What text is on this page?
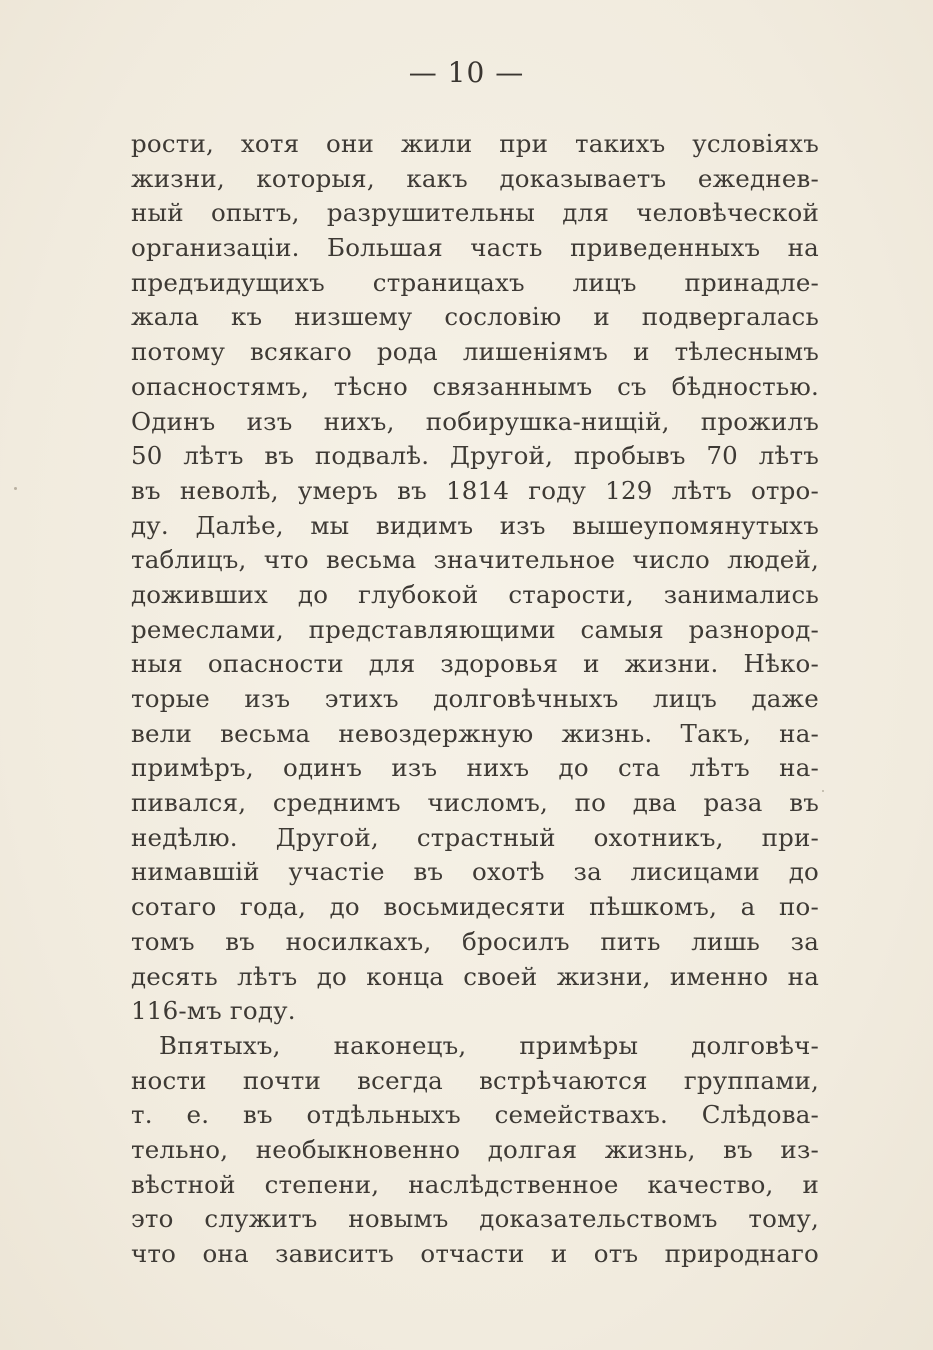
— 10 —
рости, хотя они жили при такихъ условіяхъ
жизни, которыя, какъ доказываетъ ежеднев-
ный опытъ, разрушительны для человѣческой
организаціи. Большая часть приведенныхъ на
предъидущихъ страницахъ лицъ принадле-
жала къ низшему сословію и подвергалась
потому всякаго рода лишеніямъ и тѣлеснымъ
опасностямъ, тѣсно связаннымъ съ бѣдностью.
Одинъ изъ нихъ, побирушка-нищій, прожилъ
50 лѣтъ въ подвалѣ. Другой, пробывъ 70 лѣтъ
въ неволѣ, умеръ въ 1814 году 129 лѣтъ отро-
ду. Далѣе, мы видимъ изъ вышеупомянутыхъ
таблицъ, что весьма значительное число людей,
доживших до глубокой старости, занимались
ремеслами, представляющими самыя разнород-
ныя опасности для здоровья и жизни. Нѣко-
торые изъ этихъ долговѣчныхъ лицъ даже
вели весьма невоздержную жизнь. Такъ, на-
примѣръ, одинъ изъ нихъ до ста лѣтъ на-
пивался, среднимъ числомъ, по два раза въ
недѣлю. Другой, страстный охотникъ, при-
нимавшій участіе въ охотѣ за лисицами до
сотаго года, до восьмидесяти пѣшкомъ, а по-
томъ въ носилкахъ, бросилъ пить лишь за
десять лѣтъ до конца своей жизни, именно на
116-мъ году.
Впятыхъ, наконецъ, примѣры долговѣч-
ности почти всегда встрѣчаются группами,
т. е. въ отдѣльныхъ семействахъ. Слѣдова-
тельно, необыкновенно долгая жизнь, въ из-
вѣстной степени, наслѣдственное качество, и
это служитъ новымъ доказательствомъ тому,
что она зависитъ отчасти и отъ природнаго
